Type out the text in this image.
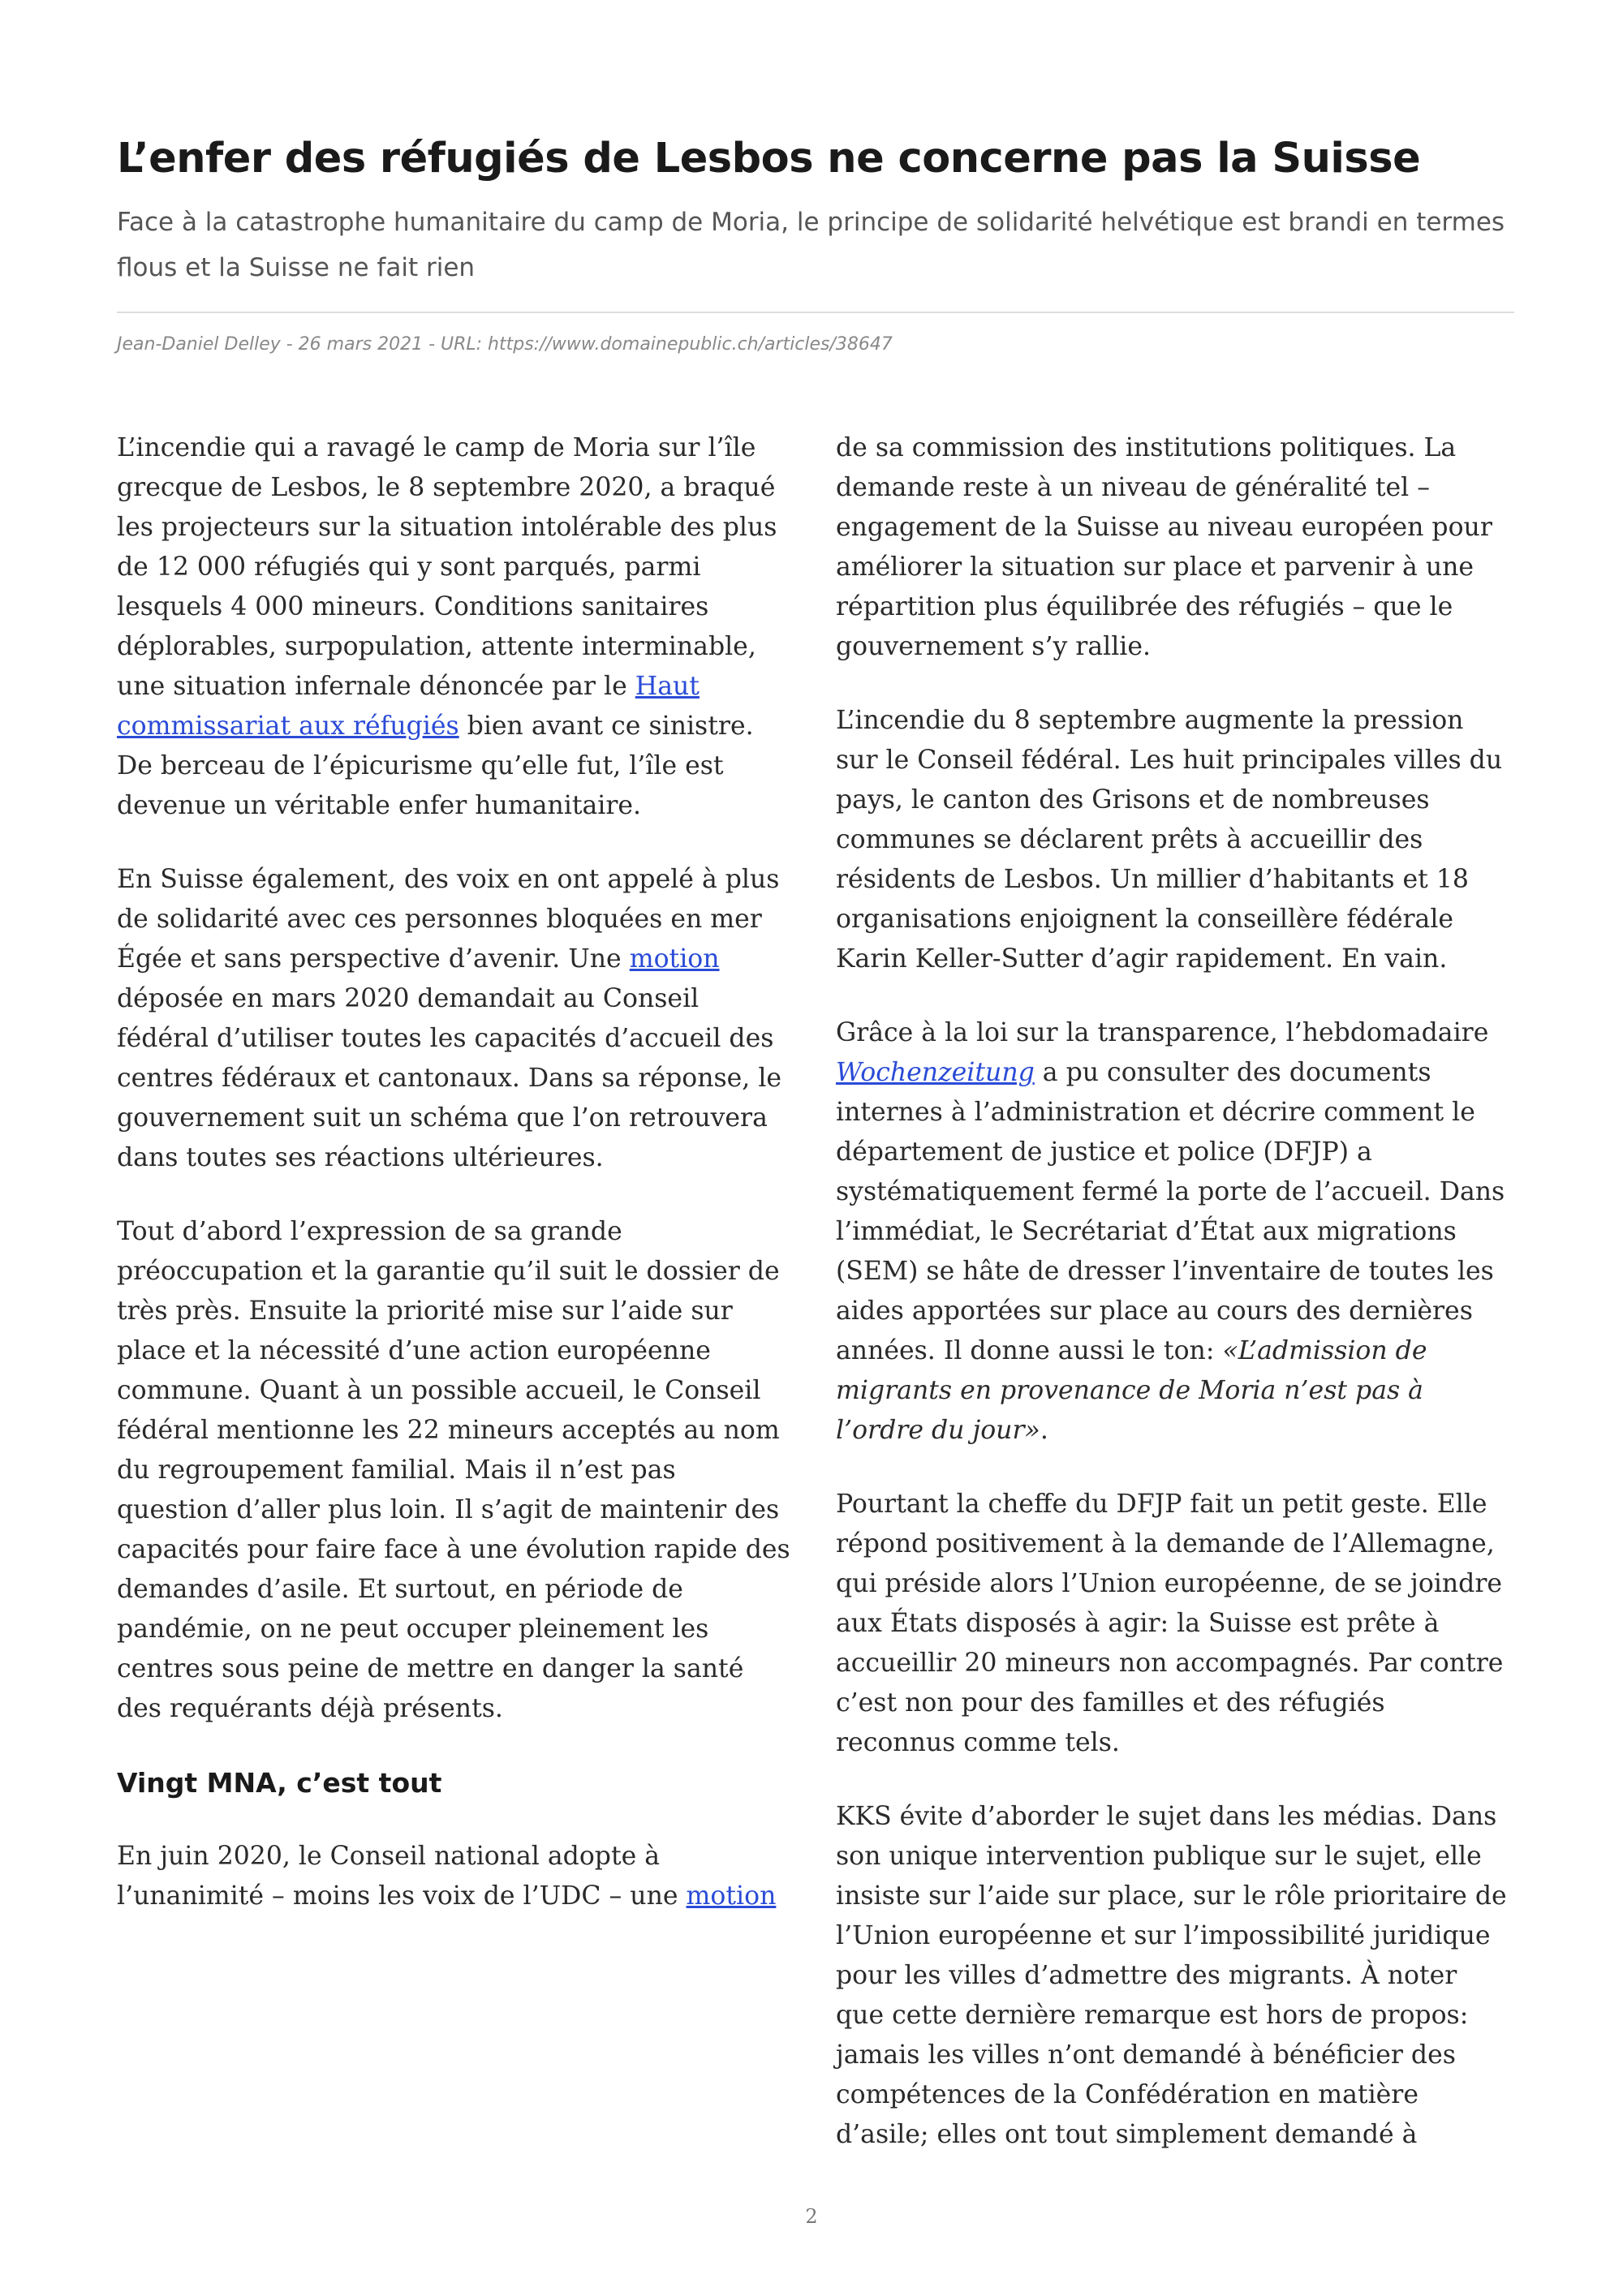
L’enfer des réfugiés de Lesbos ne concerne pas la Suisse

Face à la catastrophe humanitaire du camp de Moria, le principe de solidarité helvétique est brandi en termes flous et la Suisse ne fait rien

Jean-Daniel Delley - 26 mars 2021 - URL: https://www.domainepublic.ch/articles/38647

L’incendie qui a ravagé le camp de Moria sur l’île grecque de Lesbos, le 8 septembre 2020, a braqué les projecteurs sur la situation intolérable des plus de 12 000 réfugiés qui y sont parqués, parmi lesquels 4 000 mineurs. Conditions sanitaires déplorables, surpopulation, attente interminable, une situation infernale dénoncée par le Haut commissariat aux réfugiés bien avant ce sinistre. De berceau de l’épicurisme qu’elle fut, l’île est devenue un véritable enfer humanitaire.

En Suisse également, des voix en ont appelé à plus de solidarité avec ces personnes bloquées en mer Égée et sans perspective d’avenir. Une motion déposée en mars 2020 demandait au Conseil fédéral d’utiliser toutes les capacités d’accueil des centres fédéraux et cantonaux. Dans sa réponse, le gouvernement suit un schéma que l’on retrouvera dans toutes ses réactions ultérieures.

Tout d’abord l’expression de sa grande préoccupation et la garantie qu’il suit le dossier de très près. Ensuite la priorité mise sur l’aide sur place et la nécessité d’une action européenne commune. Quant à un possible accueil, le Conseil fédéral mentionne les 22 mineurs acceptés au nom du regroupement familial. Mais il n’est pas question d’aller plus loin. Il s’agit de maintenir des capacités pour faire face à une évolution rapide des demandes d’asile. Et surtout, en période de pandémie, on ne peut occuper pleinement les centres sous peine de mettre en danger la santé des requérants déjà présents.

Vingt MNA, c’est tout

En juin 2020, le Conseil national adopte à l’unanimité – moins les voix de l’UDC – une motion

de sa commission des institutions politiques. La demande reste à un niveau de généralité tel – engagement de la Suisse au niveau européen pour améliorer la situation sur place et parvenir à une répartition plus équilibrée des réfugiés – que le gouvernement s’y rallie.

L’incendie du 8 septembre augmente la pression sur le Conseil fédéral. Les huit principales villes du pays, le canton des Grisons et de nombreuses communes se déclarent prêts à accueillir des résidents de Lesbos. Un millier d’habitants et 18 organisations enjoignent la conseillère fédérale Karin Keller-Sutter d’agir rapidement. En vain.

Grâce à la loi sur la transparence, l’hebdomadaire Wochenzeitung a pu consulter des documents internes à l’administration et décrire comment le département de justice et police (DFJP) a systématiquement fermé la porte de l’accueil. Dans l’immédiat, le Secrétariat d’État aux migrations (SEM) se hâte de dresser l’inventaire de toutes les aides apportées sur place au cours des dernières années. Il donne aussi le ton: «L’admission de migrants en provenance de Moria n’est pas à l’ordre du jour».

Pourtant la cheffe du DFJP fait un petit geste. Elle répond positivement à la demande de l’Allemagne, qui préside alors l’Union européenne, de se joindre aux États disposés à agir: la Suisse est prête à accueillir 20 mineurs non accompagnés. Par contre c’est non pour des familles et des réfugiés reconnus comme tels.

KKS évite d’aborder le sujet dans les médias. Dans son unique intervention publique sur le sujet, elle insiste sur l’aide sur place, sur le rôle prioritaire de l’Union européenne et sur l’impossibilité juridique pour les villes d’admettre des migrants. À noter que cette dernière remarque est hors de propos: jamais les villes n’ont demandé à bénéficier des compétences de la Confédération en matière d’asile; elles ont tout simplement demandé à

2
